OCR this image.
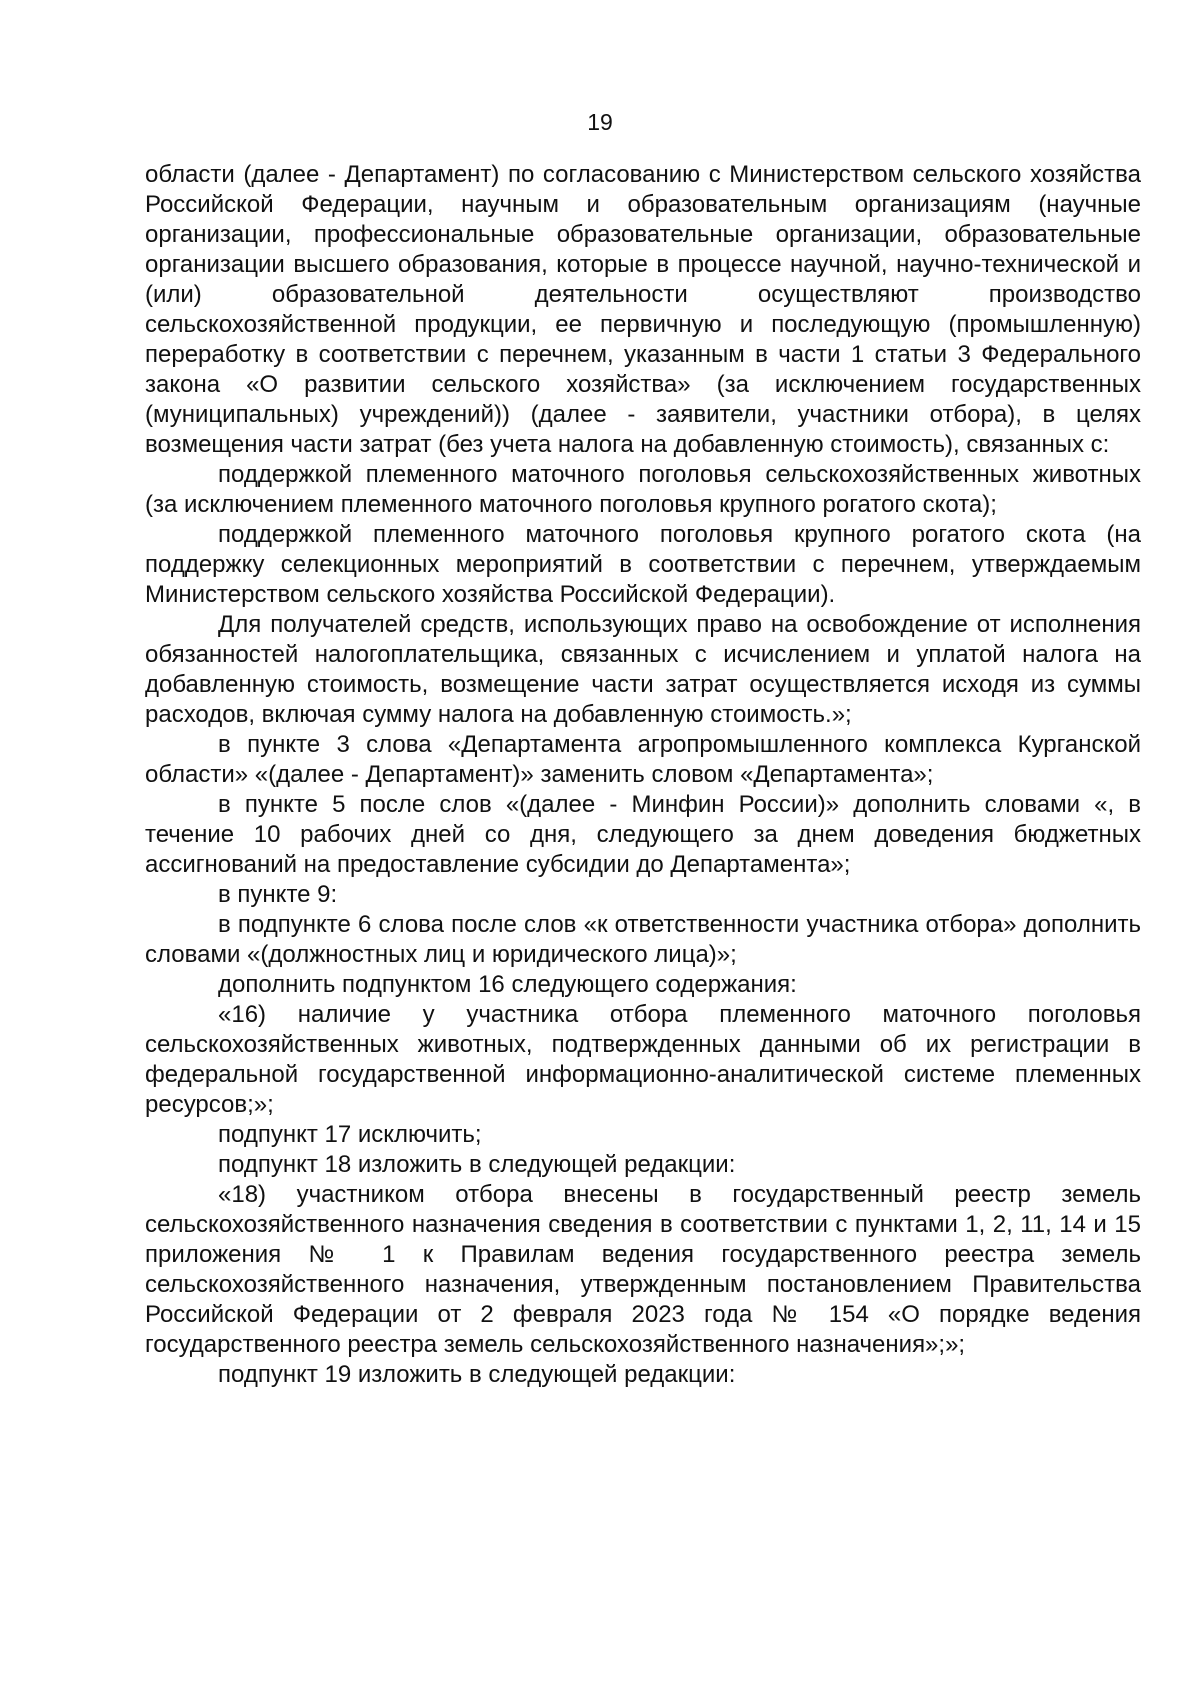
19

области (далее - Департамент) по согласованию с Министерством сельского хозяйства Российской Федерации, научным и образовательным организациям (научные организации, профессиональные образовательные организации, образовательные организации высшего образования, которые в процессе научной, научно-технической и (или) образовательной деятельности осуществляют производство сельскохозяйственной продукции, ее первичную и последующую (промышленную) переработку в соответствии с перечнем, указанным в части 1 статьи 3 Федерального закона «О развитии сельского хозяйства» (за исключением государственных (муниципальных) учреждений)) (далее - заявители, участники отбора), в целях возмещения части затрат (без учета налога на добавленную стоимость), связанных с:

поддержкой племенного маточного поголовья сельскохозяйственных животных (за исключением племенного маточного поголовья крупного рогатого скота);

поддержкой племенного маточного поголовья крупного рогатого скота (на поддержку селекционных мероприятий в соответствии с перечнем, утверждаемым Министерством сельского хозяйства Российской Федерации).

Для получателей средств, использующих право на освобождение от исполнения обязанностей налогоплательщика, связанных с исчислением и уплатой налога на добавленную стоимость, возмещение части затрат осуществляется исходя из суммы расходов, включая сумму налога на добавленную стоимость.»;

в пункте 3 слова «Департамента агропромышленного комплекса Курганской области» «(далее - Департамент)» заменить словом «Департамента»;

в пункте 5 после слов «(далее - Минфин России)» дополнить словами «, в течение 10 рабочих дней со дня, следующего за днем доведения бюджетных ассигнований на предоставление субсидии до Департамента»;

в пункте 9:

в подпункте 6 слова после слов «к ответственности участника отбора» дополнить словами «(должностных лиц и юридического лица)»;

дополнить подпунктом 16 следующего содержания:

«16) наличие у участника отбора племенного маточного поголовья сельскохозяйственных животных, подтвержденных данными об их регистрации в федеральной государственной информационно-аналитической системе племенных ресурсов;»;

подпункт 17 исключить;

подпункт 18 изложить в следующей редакции:

«18) участником отбора внесены в государственный реестр земель сельскохозяйственного назначения сведения в соответствии с пунктами 1, 2, 11, 14 и 15 приложения № 1 к Правилам ведения государственного реестра земель сельскохозяйственного назначения, утвержденным постановлением Правительства Российской Федерации от 2 февраля 2023 года № 154 «О порядке ведения государственного реестра земель сельскохозяйственного назначения»;»;

подпункт 19 изложить в следующей редакции:
